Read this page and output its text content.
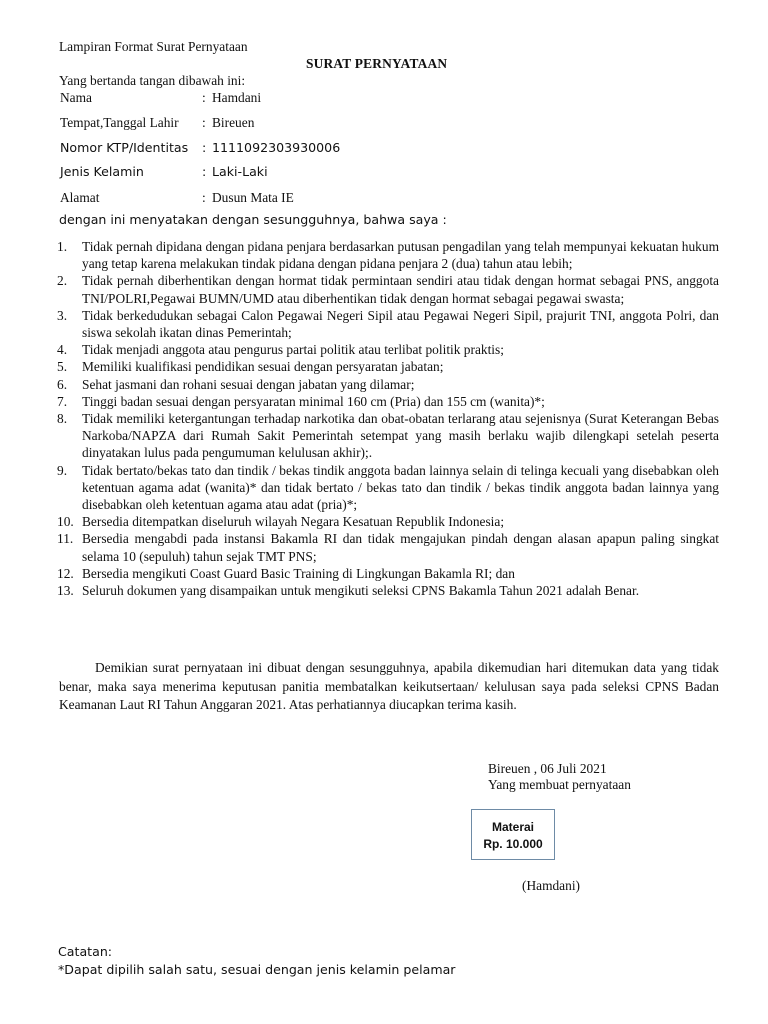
Lampiran Format Surat Pernyataan
SURAT PERNYATAAN
Yang bertanda tangan dibawah ini:
Nama	: Hamdani
Tempat,Tanggal Lahir : Bireuen
Nomor KTP/Identitas : 1111092303930006
Jenis Kelamin	: Laki-Laki
Alamat	: Dusun Mata IE
dengan ini menyatakan dengan sesungguhnya, bahwa saya :
1. Tidak pernah dipidana dengan pidana penjara berdasarkan putusan pengadilan yang telah mempunyai kekuatan hukum yang tetap karena melakukan tindak pidana dengan pidana penjara 2 (dua) tahun atau lebih;
2. Tidak pernah diberhentikan dengan hormat tidak permintaan sendiri atau tidak dengan hormat sebagai PNS, anggota TNI/POLRI,Pegawai BUMN/UMD atau diberhentikan tidak dengan hormat sebagai pegawai swasta;
3. Tidak berkedudukan sebagai Calon Pegawai Negeri Sipil atau Pegawai Negeri Sipil, prajurit TNI, anggota Polri, dan siswa sekolah ikatan dinas Pemerintah;
4. Tidak menjadi anggota atau pengurus partai politik atau terlibat politik praktis;
5. Memiliki kualifikasi pendidikan sesuai dengan persyaratan jabatan;
6. Sehat jasmani dan rohani sesuai dengan jabatan yang dilamar;
7. Tinggi badan sesuai dengan persyaratan minimal 160 cm (Pria) dan 155 cm (wanita)*;
8. Tidak memiliki ketergantungan terhadap narkotika dan obat-obatan terlarang atau sejenisnya (Surat Keterangan Bebas Narkoba/NAPZA dari Rumah Sakit Pemerintah setempat yang masih berlaku wajib dilengkapi setelah peserta dinyatakan lulus pada pengumuman kelulusan akhir);.
9. Tidak bertato/bekas tato dan tindik / bekas tindik anggota badan lainnya selain di telinga kecuali yang disebabkan oleh ketentuan agama adat (wanita)* dan tidak bertato / bekas tato dan tindik / bekas tindik anggota badan lainnya yang disebabkan oleh ketentuan agama atau adat (pria)*;
10. Bersedia ditempatkan diseluruh wilayah Negara Kesatuan Republik Indonesia;
11. Bersedia mengabdi pada instansi Bakamla RI dan tidak mengajukan pindah dengan alasan apapun paling singkat selama 10 (sepuluh) tahun sejak TMT PNS;
12. Bersedia mengikuti Coast Guard Basic Training di Lingkungan Bakamla RI; dan
13. Seluruh dokumen yang disampaikan untuk mengikuti seleksi CPNS Bakamla Tahun 2021 adalah Benar.
Demikian surat pernyataan ini dibuat dengan sesungguhnya, apabila dikemudian hari ditemukan data yang tidak benar, maka saya menerima keputusan panitia membatalkan keikutsertaan/ kelulusan saya pada seleksi CPNS Badan Keamanan Laut RI Tahun Anggaran 2021. Atas perhatiannya diucapkan terima kasih.
Bireuen , 06 Juli 2021
Yang membuat pernyataan
Materai
Rp. 10.000
(Hamdani)
Catatan:
*Dapat dipilih salah satu, sesuai dengan jenis kelamin pelamar
